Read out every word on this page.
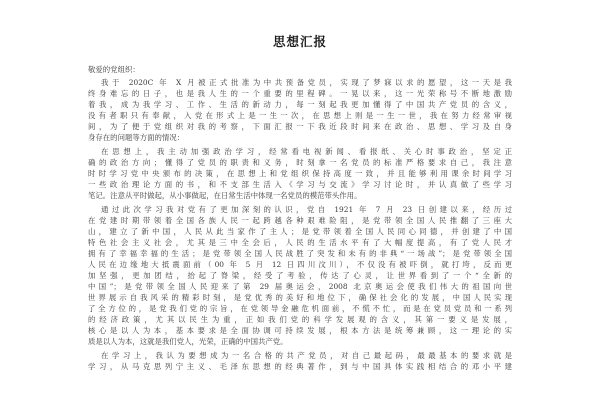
思想汇报
敬爱的党组织：
我于 2020C 年 X 月被正式批准为中共预备党员，实现了梦寐以求的愿望，这一天是我
终身难忘的日子，也是我人生的一个重要的里程碑。一晃以来，这一光荣称号不断地激励
着我，成为我学习、工作、生活的新动力，每一刻起我更加懂得了中国共产党员的含义，
没有者职只有奉献，入党在形式上是一生一次，在思想上则是一生一世，我在努力经常审视
间，为了便于党组织对我的考察，下面汇报一下我近段时间来在政治、思想、学习及自身
身存在的问题等方面的情况：
在思想上，我主动加强政治学习，经常看电视新闻、看报纸、关心时事政治，坚定正
确的政治方向；懂得了党员的职责和义务，时刻拿一名党员的标准严格要求自己，我注意
时时学习党中央颁布的决策，在思想上和党组织保持高度一致，并且能够利用课余时间学习
一些政治理论方面的书，和不支部生活入《学习与交流》学习讨论时，并认真做了些学习
笔记。注意从平时做起，从小事做起，在日常生活中体现一名党员的模范带头作用。
通过此次学习我对党有了更加深刻的认识，党自 1921 年 7 月 23 日创建以来，经历过
在党建时期带领着全国各族人民一起跨越各种艰难险阻，是党带领全国人民推翻了三座大
山，建立了新中国，人民从此当家作了主人；是党带领着全国人民同心同德，并创建了中国
特色社会主义社会，尤其是三中全会后，人民的生活水平有了大幅度提高，有了党人民才
拥有了幸福幸福的生活；是党带领全国人民战胜了突发和未有的非典“一场战”；是党带领全国
人民在边缘地大抵震面前（00 年 5 月 12 日四川汶川），不仅没有被吓倒，就打垮，反而更
加坚强，更加团结，抬起了脊梁，经受了考验，传达了心灵，让世界看到了一个“全新的
中国”；是党带领全国人民迎来了第 29 届奥运会，2008 北京奥运会使我们伟大的祖国向世
世界展示自我风采的精彩时刻，是党优秀的美好和地位下，确保社会化的发展，中国人民实现
了全方位的，是党我们党的宗旨，在党领导金融危机面前，不慌不忙，而是在党员党员和一系列
的经济政策，尤其以民生为重，正如我们党的科学发展观的含义，其第一要义是发展，
核心是以人为本，基本要求是全面协调可持续发展，根本方法是统筹兼顾，这一理论的实
质是以人为本，这就是我们党人，光荣，正确的中国共产党。
在学习上，我认为要想成为一名合格的共产党员，对自己最起码，最最基本的要求就是
学习，从马克思列宁主义、毛泽东思想的经典著作，到与中国具体实践相结合的邓小平建
